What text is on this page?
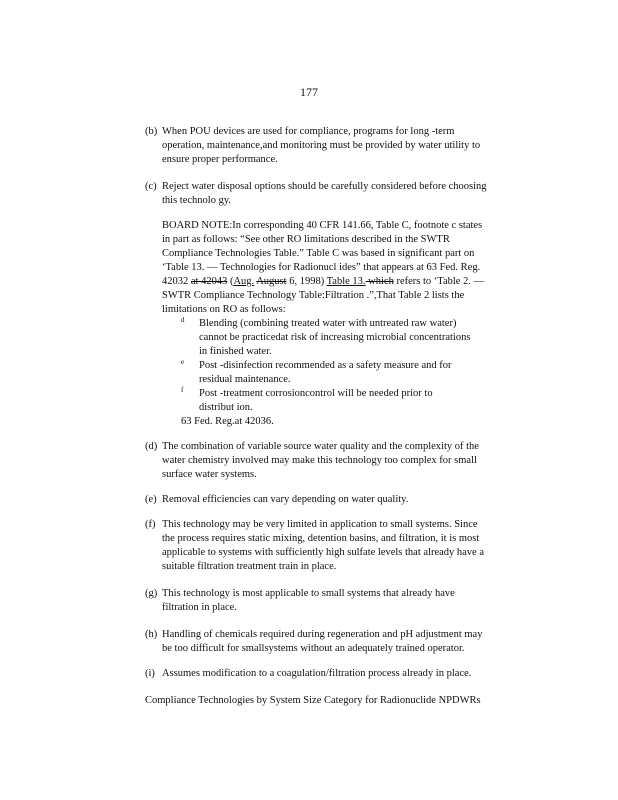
177
(b) When POU devices are used for compliance, programs for long -term
operation, maintenance,and monitoring must be provided by water utility to
ensure proper performance.
(c) Reject water disposal options should be carefully considered before choosing
this technolo gy.
BOARD NOTE:In corresponding 40 CFR 141.66, Table C, footnote c states
in part as follows: “See other RO limitations described in the SWTR
Compliance Technologies Table.” Table C was based in significant part on
‘Table 13. — Technologies for Radionucl ides” that appears at 63 Fed. Reg.
42032 at 42043 (Aug. August 6, 1998) Table 13. which refers to ‘Table 2. —
SWTR Compliance Technology Table:Filtration .”,That Table 2 lists the
limitations on RO as follows:
d Blending (combining treated water with untreated raw water)
cannot be practicedat risk of increasing microbial concentrations
in finished water.
e Post -disinfection recommended as a safety measure and for
residual maintenance.
f Post -treatment corrosioncontrol will be needed prior to
distribut ion.
63 Fed. Reg.at 42036.
(d) The combination of variable source water quality and the complexity of the
water chemistry involved may make this technology too complex for small
surface water systems.
(e) Removal efficiencies can vary depending on water quality.
(f) This technology may be very limited in application to small systems. Since
the process requires static mixing, detention basins, and filtration, it is most
applicable to systems with sufficiently high sulfate levels that already have a
suitable filtration treatment train in place.
(g) This technology is most applicable to small systems that already have
filtration in place.
(h) Handling of chemicals required during regeneration and pH adjustment may
be too difficult for smallsystems without an adequately trained operator.
(i) Assumes modification to a coagulation/filtration process already in place.
Compliance Technologies by System Size Category for Radionuclide NPDWRs
